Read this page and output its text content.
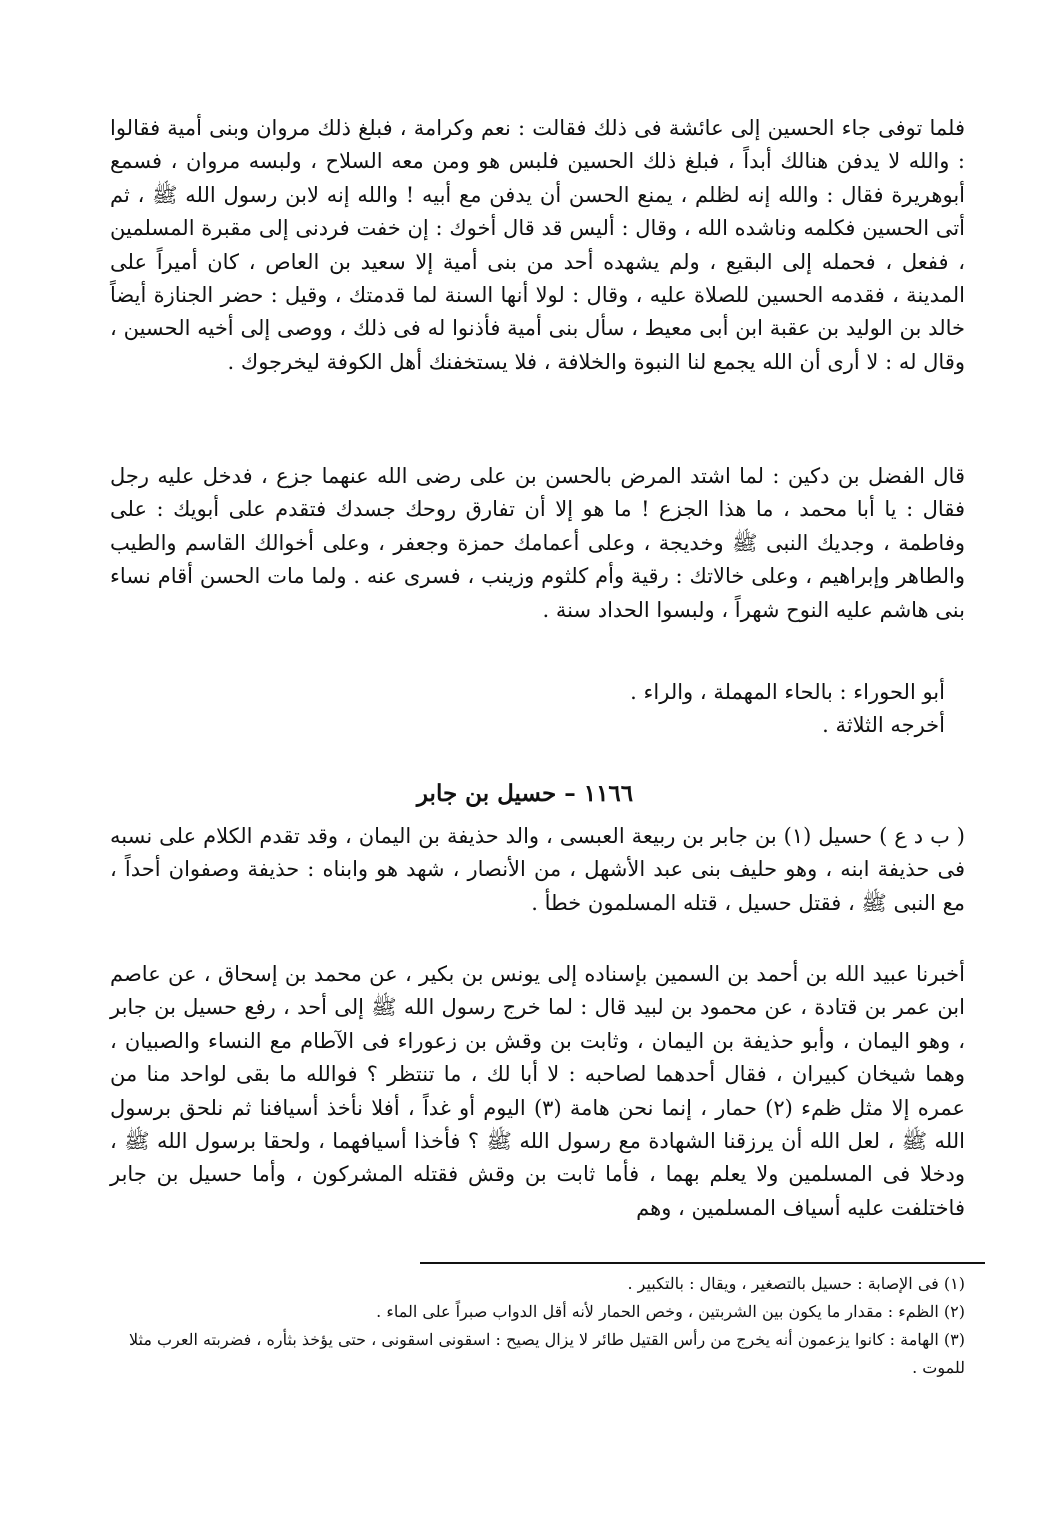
فلما توفى جاء الحسين إلى عائشة فى ذلك فقالت : نعم وكرامة ، فبلغ ذلك مروان وبنى أمية فقالوا : والله لا يدفن هنالك أبداً ، فبلغ ذلك الحسين فلبس هو ومن معه السلاح ، ولبسه مروان ، فسمع أبوهريرة فقال : والله إنه لظلم ، يمنع الحسن أن يدفن مع أبيه ! والله إنه لابن رسول الله ﷺ ، ثم أتى الحسين فكلمه وناشده الله ، وقال : أليس قد قال أخوك : إن خفت فردنى إلى مقبرة المسلمين ، ففعل ، فحمله إلى البقيع ، ولم يشهده أحد من بنى أمية إلا سعيد بن العاص ، كان أميراً على المدينة ، فقدمه الحسين للصلاة عليه ، وقال : لولا أنها السنة لما قدمتك ، وقيل : حضر الجنازة أيضاً خالد بن الوليد بن عقبة ابن أبى معيط ، سأل بنى أمية فأذنوا له فى ذلك ، ووصى إلى أخيه الحسين ، وقال له : لا أرى أن الله يجمع لنا النبوة والخلافة ، فلا يستخفنك أهل الكوفة ليخرجوك .

قال الفضل بن دكين : لما اشتد المرض بالحسن بن على رضى الله عنهما جزع ، فدخل عليه رجل فقال : يا أبا محمد ، ما هذا الجزع ! ما هو إلا أن تفارق روحك جسدك فتقدم على أبويك : على وفاطمة ، وجديك النبى ﷺ وخديجة ، وعلى أعمامك حمزة وجعفر ، وعلى أخوالك القاسم والطيب والطاهر وإبراهيم ، وعلى خالاتك : رقية وأم كلثوم وزينب ، فسرى عنه . ولما مات الحسن أقام نساء بنى هاشم عليه النوح شهراً ، ولبسوا الحداد سنة .

أبو الحوراء : بالحاء المهملة ، والراء .
أخرجه الثلاثة .

١١٦٦ – حسيل بن جابر

( ب د ع ) حسيل (١) بن جابر بن ربيعة العبسى ، والد حذيفة بن اليمان ، وقد تقدم الكلام على نسبه فى حذيفة ابنه ، وهو حليف بنى عبد الأشهل ، من الأنصار ، شهد هو وابناه : حذيفة وصفوان أحداً ، مع النبى ﷺ ، فقتل حسيل ، قتله المسلمون خطأ .

أخبرنا عبيد الله بن أحمد بن السمين بإسناده إلى يونس بن بكير ، عن محمد بن إسحاق ، عن عاصم ابن عمر بن قتادة ، عن محمود بن لبيد قال : لما خرج رسول الله ﷺ إلى أحد ، رفع حسيل بن جابر ، وهو اليمان ، وأبو حذيفة بن اليمان ، وثابت بن وقش بن زعوراء فى الآطام مع النساء والصبيان ، وهما شيخان كبيران ، فقال أحدهما لصاحبه : لا أبا لك ، ما تنتظر ؟ فوالله ما بقى لواحد منا من عمره إلا مثل ظمء (٢) حمار ، إنما نحن هامة (٣) اليوم أو غداً ، أفلا نأخذ أسيافنا ثم نلحق برسول الله ﷺ ، لعل الله أن يرزقنا الشهادة مع رسول الله ﷺ ؟ فأخذا أسيافهما ، ولحقا برسول الله ﷺ ، ودخلا فى المسلمين ولا يعلم بهما ، فأما ثابت بن وقش فقتله المشركون ، وأما حسيل بن جابر فاختلفت عليه أسياف المسلمين ، وهم

(١) فى الإصابة : حسيل بالتصغير ، ويقال : بالتكبير .
(٢) الظمء : مقدار ما يكون بين الشربتين ، وخص الحمار لأنه أقل الدواب صبراً على الماء .
(٣) الهامة : كانوا يزعمون أنه يخرج من رأس القتيل طائر لا يزال يصيح : اسقونى اسقونى ، حتى يؤخذ بثأره ، فضربته العرب مثلا للموت .
